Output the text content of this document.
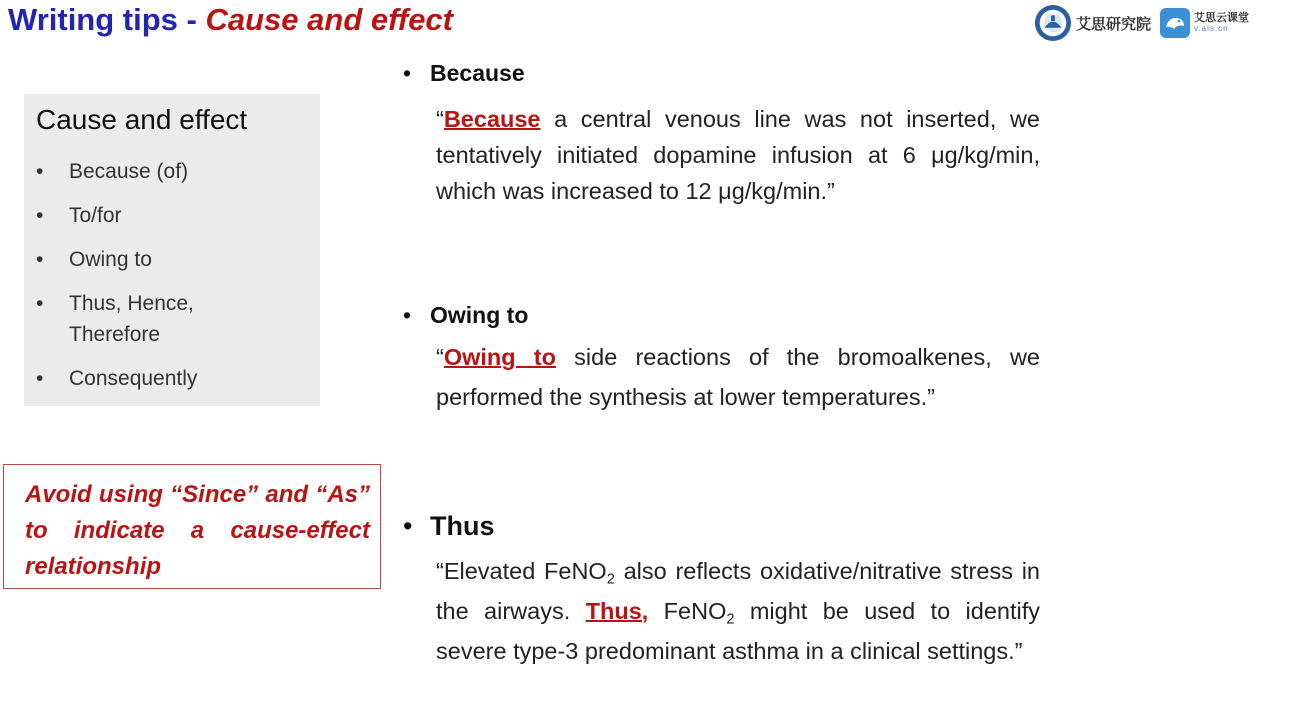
Writing tips - Cause and effect	艾思研究院	艾思云课堂
v.ais.cn
Cause and effect
• Because (of)
• To/for
• Owing to
• Thus, Hence,
Therefore
• Consequently

Avoid using “Since” and “As” to indicate a cause-effect relationship

• Because

“Because a central venous line was not inserted, we tentatively initiated dopamine infusion at 6 μg/kg/min, which was increased to 12 μg/kg/min.”

• Owing to

“Owing to side reactions of the bromoalkenes, we performed the synthesis at lower temperatures.”

• Thus

“Elevated FeNO$_2$ also reflects oxidative/nitrative stress in the airways. Thus, FeNO$_2$ might be used to identify severe type-3 predominant asthma in a clinical settings.”
